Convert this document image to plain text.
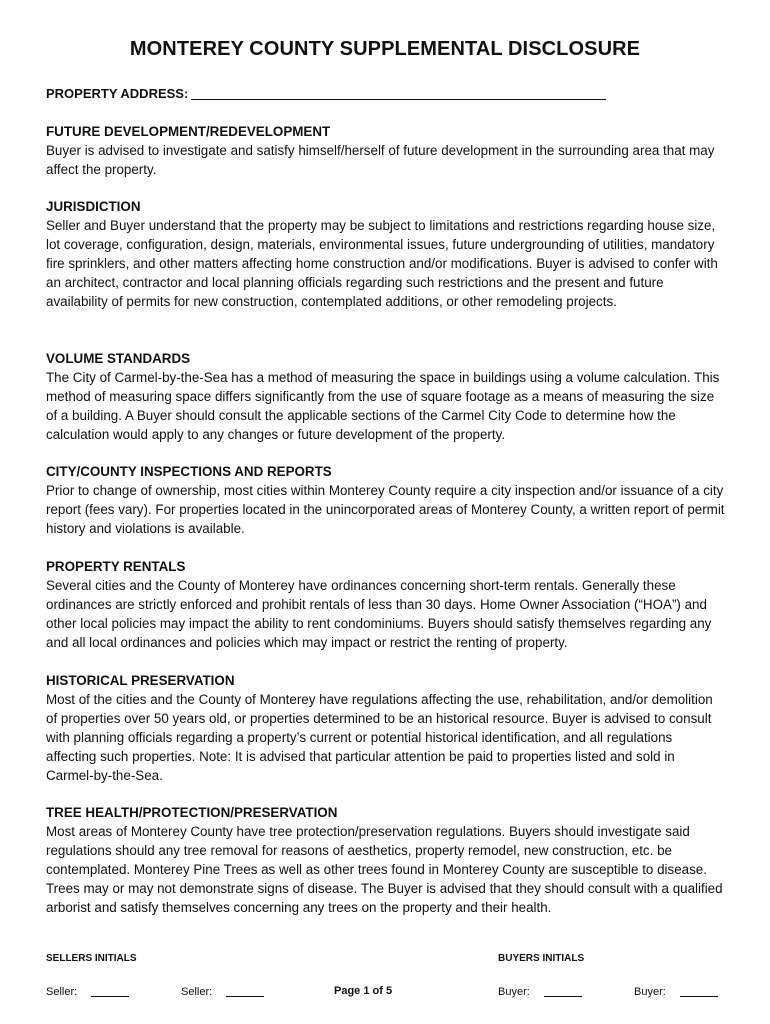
MONTEREY COUNTY SUPPLEMENTAL DISCLOSURE
PROPERTY ADDRESS:
FUTURE DEVELOPMENT/REDEVELOPMENT

Buyer is advised to investigate and satisfy himself/herself of future development in the surrounding area that may affect the property.

JURISDICTION

Seller and Buyer understand that the property may be subject to limitations and restrictions regarding house size, lot coverage, configuration, design, materials, environmental issues, future undergrounding of utilities, mandatory fire sprinklers, and other matters affecting home construction and/or modifications. Buyer is advised to confer with an architect, contractor and local planning officials regarding such restrictions and the present and future availability of permits for new construction, contemplated additions, or other remodeling projects.

VOLUME STANDARDS

The City of Carmel-by-the-Sea has a method of measuring the space in buildings using a volume calculation. This method of measuring space differs significantly from the use of square footage as a means of measuring the size of a building. A Buyer should consult the applicable sections of the Carmel City Code to determine how the calculation would apply to any changes or future development of the property.

CITY/COUNTY INSPECTIONS AND REPORTS

Prior to change of ownership, most cities within Monterey County require a city inspection and/or issuance of a city report (fees vary). For properties located in the unincorporated areas of Monterey County, a written report of permit history and violations is available.

PROPERTY RENTALS

Several cities and the County of Monterey have ordinances concerning short-term rentals. Generally these ordinances are strictly enforced and prohibit rentals of less than 30 days. Home Owner Association (“HOA”) and other local policies may impact the ability to rent condominiums. Buyers should satisfy themselves regarding any and all local ordinances and policies which may impact or restrict the renting of property.

HISTORICAL PRESERVATION

Most of the cities and the County of Monterey have regulations affecting the use, rehabilitation, and/or demolition of properties over 50 years old, or properties determined to be an historical resource. Buyer is advised to consult with planning officials regarding a property’s current or potential historical identification, and all regulations affecting such properties. Note: It is advised that particular attention be paid to properties listed and sold in Carmel-by-the-Sea.

TREE HEALTH/PROTECTION/PRESERVATION

Most areas of Monterey County have tree protection/preservation regulations. Buyers should investigate said regulations should any tree removal for reasons of aesthetics, property remodel, new construction, etc. be contemplated. Monterey Pine Trees as well as other trees found in Monterey County are susceptible to disease. Trees may or may not demonstrate signs of disease. The Buyer is advised that they should consult with a qualified arborist and satisfy themselves concerning any trees on the property and their health.

SELLERS INITIALS	BUYERS INITIALS
Seller:	Seller:	Page 1 of 5	Buyer:	Buyer:
